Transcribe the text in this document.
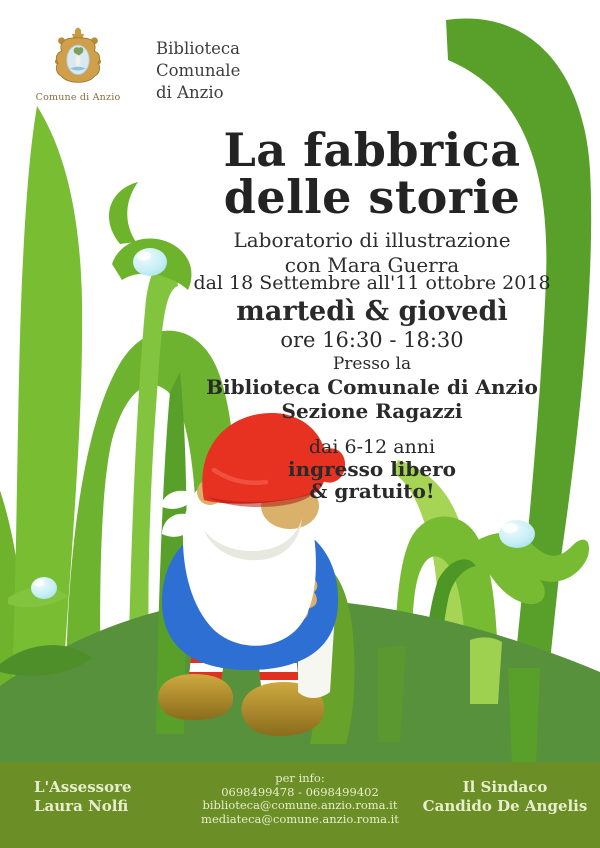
Comune di Anzio
Biblioteca
Comunale
di Anzio
La fabbrica
delle storie
Laboratorio di illustrazione
con Mara Guerra
dal 18 Settembre all'11 ottobre 2018
martedì & giovedì
ore 16:30 - 18:30
Presso la
Biblioteca Comunale di Anzio
Sezione Ragazzi
dai 6-12 anni
ingresso libero
& gratuito!
L'Assessore
Laura Nolfi
per info:
0698499478 - 0698499402
biblioteca@comune.anzio.roma.it
mediateca@comune.anzio.roma.it
Il Sindaco
Candido De Angelis
